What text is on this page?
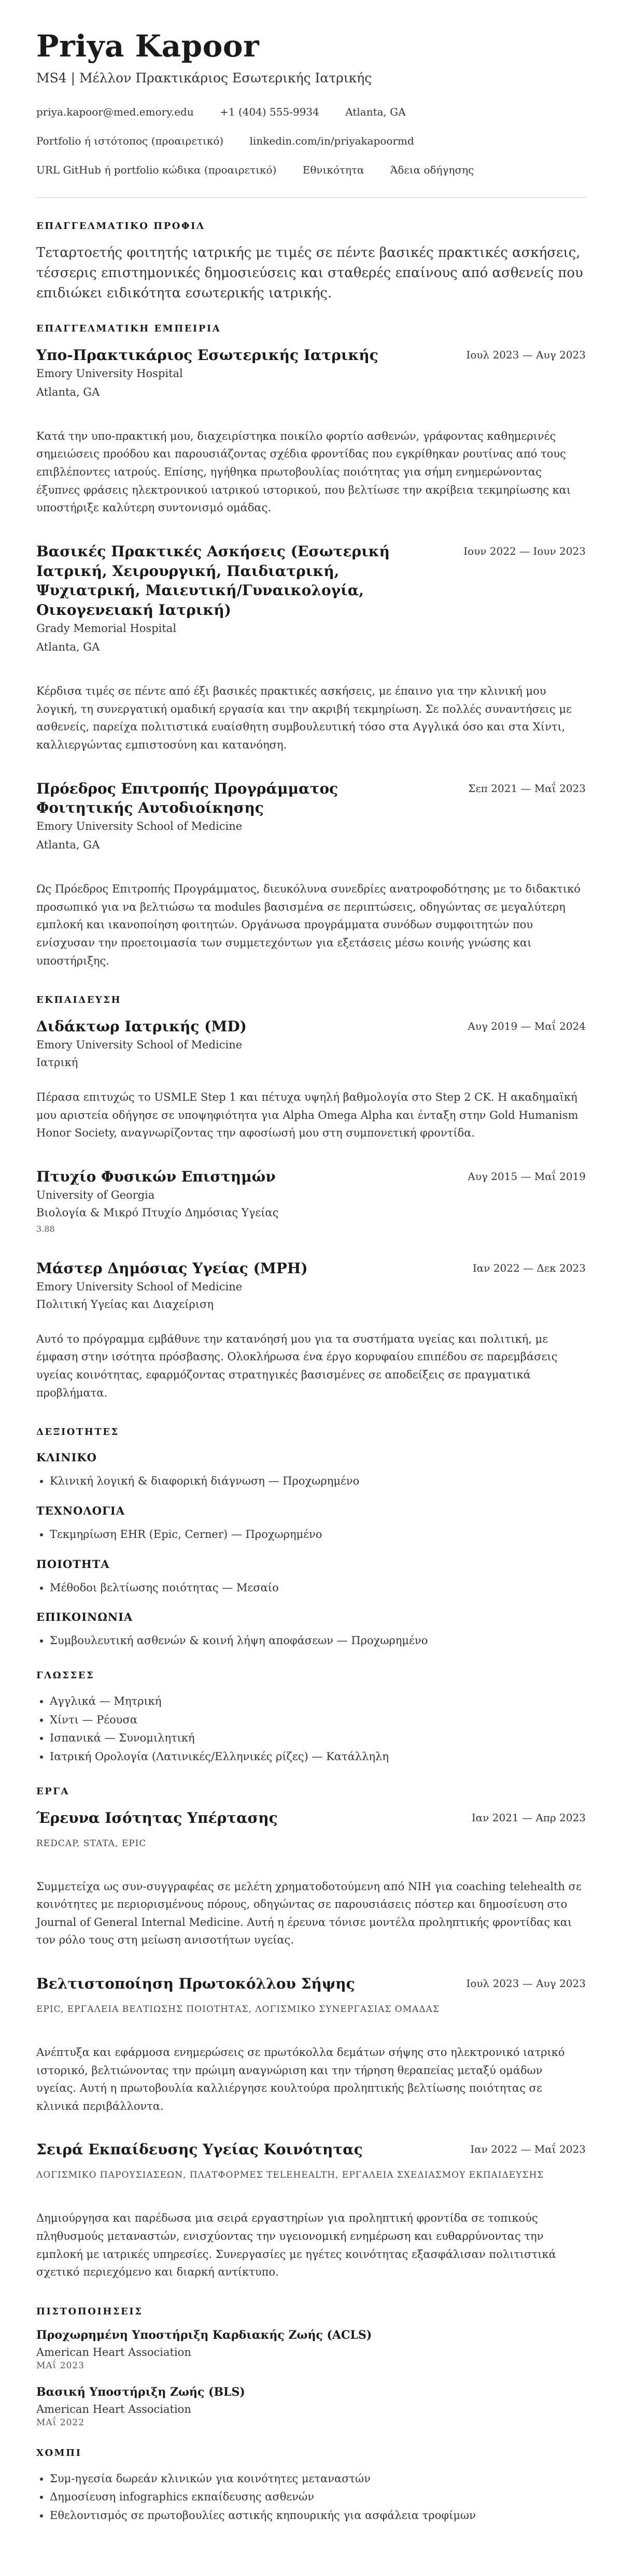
Priya Kapoor
MS4 | Μέλλον Πρακτικάριος Εσωτερικής Ιατρικής
priya.kapoor@med.emory.edu	+1 (404) 555-9934	Atlanta, GA
Portfolio ή ιστότοπος (προαιρετικό)	linkedin.com/in/priyakapoormd
URL GitHub ή portfolio κώδικα (προαιρετικό)	Εθνικότητα	Άδεια οδήγησης
ΕΠΑΓΓΕΛΜΑΤΙΚΟ ΠΡΟΦΙΛ

Τεταρτοετής φοιτητής ιατρικής με τιμές σε πέντε βασικές πρακτικές ασκήσεις, τέσσερις επιστημονικές δημοσιεύσεις και σταθερές επαίνους από ασθενείς που επιδιώκει ειδικότητα εσωτερικής ιατρικής.

ΕΠΑΓΓΕΛΜΑΤΙΚΗ ΕΜΠΕΙΡΙΑ
Υπο-Πρακτικάριος Εσωτερικής Ιατρικής	Ιουλ 2023 — Αυγ 2023
Emory University Hospital
Atlanta, GA

Κατά την υπο-πρακτική μου, διαχειρίστηκα ποικίλο φορτίο ασθενών, γράφοντας καθημερινές σημειώσεις προόδου και παρουσιάζοντας σχέδια φροντίδας που εγκρίθηκαν ρουτίνας από τους επιβλέποντες ιατρούς. Επίσης, ηγήθηκα πρωτοβουλίας ποιότητας για σήμη ενημερώνοντας έξυπνες φράσεις ηλεκτρονικού ιατρικού ιστορικού, που βελτίωσε την ακρίβεια τεκμηρίωσης και υποστήριξε καλύτερη συντονισμό ομάδας.

Βασικές Πρακτικές Ασκήσεις (Εσωτερική Ιατρική, Χειρουργική, Παιδιατρική, Ψυχιατρική, Μαιευτική/Γυναικολογία, Οικογενειακή Ιατρική)
Ιουν 2022 — Ιουν 2023
Grady Memorial Hospital
Atlanta, GA

Κέρδισα τιμές σε πέντε από έξι βασικές πρακτικές ασκήσεις, με έπαινο για την κλινική μου λογική, τη συνεργατική ομαδική εργασία και την ακριβή τεκμηρίωση. Σε πολλές συναντήσεις με ασθενείς, παρείχα πολιτιστικά ευαίσθητη συμβουλευτική τόσο στα Αγγλικά όσο και στα Χίντι, καλλιεργώντας εμπιστοσύνη και κατανόηση.

Πρόεδρος Επιτροπής Προγράμματος Φοιτητικής Αυτοδιοίκησης
Σεπ 2021 — Μαΐ 2023
Emory University School of Medicine
Atlanta, GA

Ως Πρόεδρος Επιτροπής Προγράμματος, διευκόλυνα συνεδρίες ανατροφοδότησης με το διδακτικό προσωπικό για να βελτιώσω τα modules βασισμένα σε περιπτώσεις, οδηγώντας σε μεγαλύτερη εμπλοκή και ικανοποίηση φοιτητών. Οργάνωσα προγράμματα συνόδων συμφοιτητών που ενίσχυσαν την προετοιμασία των συμμετεχόντων για εξετάσεις μέσω κοινής γνώσης και υποστήριξης.

ΕΚΠΑΙΔΕΥΣΗ
Διδάκτωρ Ιατρικής (MD)	Αυγ 2019 — Μαΐ 2024
Emory University School of Medicine
Ιατρική

Πέρασα επιτυχώς το USMLE Step 1 και πέτυχα υψηλή βαθμολογία στο Step 2 CK. Η ακαδημαϊκή μου αριστεία οδήγησε σε υποψηφιότητα για Alpha Omega Alpha και ένταξη στην Gold Humanism Honor Society, αναγνωρίζοντας την αφοσίωσή μου στη συμπονετική φροντίδα.

Πτυχίο Φυσικών Επιστημών	Αυγ 2015 — Μαΐ 2019
University of Georgia
Βιολογία & Μικρό Πτυχίο Δημόσιας Υγείας
3.88
Μάστερ Δημόσιας Υγείας (MPH)	Ιαν 2022 — Δεκ 2023
Emory University School of Medicine
Πολιτική Υγείας και Διαχείριση

Αυτό το πρόγραμμα εμβάθυνε την κατανόησή μου για τα συστήματα υγείας και πολιτική, με έμφαση στην ισότητα πρόσβασης. Ολοκλήρωσα ένα έργο κορυφαίου επιπέδου σε παρεμβάσεις υγείας κοινότητας, εφαρμόζοντας στρατηγικές βασισμένες σε αποδείξεις σε πραγματικά προβλήματα.

ΔΕΞΙΟΤΗΤΕΣ
ΚΛΙΝΙΚΟ
• Κλινική λογική & διαφορική διάγνωση — Προχωρημένο
ΤΕΧΝΟΛΟΓΙΑ
• Τεκμηρίωση EHR (Epic, Cerner) — Προχωρημένο
ΠΟΙΟΤΗΤΑ
• Μέθοδοι βελτίωσης ποιότητας — Μεσαίο
ΕΠΙΚΟΙΝΩΝΙΑ
• Συμβουλευτική ασθενών & κοινή λήψη αποφάσεων — Προχωρημένο
ΓΛΩΣΣΕΣ
• Αγγλικά — Μητρική
• Χίντι — Ρέουσα
• Ισπανικά — Συνομιλητική
• Ιατρική Ορολογία (Λατινικές/Ελληνικές ρίζες) — Κατάλληλη
ΕΡΓΑ
Έρευνα Ισότητας Υπέρτασης	Ιαν 2021 — Απρ 2023
REDCAP, STATA, EPIC

Συμμετείχα ως συν-συγγραφέας σε μελέτη χρηματοδοτούμενη από NIH για coaching telehealth σε κοινότητες με περιορισμένους πόρους, οδηγώντας σε παρουσιάσεις πόστερ και δημοσίευση στο Journal of General Internal Medicine. Αυτή η έρευνα τόνισε μοντέλα προληπτικής φροντίδας και τον ρόλο τους στη μείωση ανισοτήτων υγείας.

Βελτιστοποίηση Πρωτοκόλλου Σήψης	Ιουλ 2023 — Αυγ 2023
EPIC, ΕΡΓΑΛΕΙΑ ΒΕΛΤΙΩΣΗΣ ΠΟΙΟΤΗΤΑΣ, ΛΟΓΙΣΜΙΚΟ ΣΥΝΕΡΓΑΣΙΑΣ ΟΜΑΔΑΣ

Ανέπτυξα και εφάρμοσα ενημερώσεις σε πρωτόκολλα δεμάτων σήψης στο ηλεκτρονικό ιατρικό ιστορικό, βελτιώνοντας την πρώιμη αναγνώριση και την τήρηση θεραπείας μεταξύ ομάδων υγείας. Αυτή η πρωτοβουλία καλλιέργησε κουλτούρα προληπτικής βελτίωσης ποιότητας σε κλινικά περιβάλλοντα.

Σειρά Εκπαίδευσης Υγείας Κοινότητας	Ιαν 2022 — Μαΐ 2023
ΛΟΓΙΣΜΙΚΟ ΠΑΡΟΥΣΙΑΣΕΩΝ, ΠΛΑΤΦΟΡΜΕΣ TELEHEALTH, ΕΡΓΑΛΕΙΑ ΣΧΕΔΙΑΣΜΟΥ ΕΚΠΑΙΔΕΥΣΗΣ

Δημιούργησα και παρέδωσα μια σειρά εργαστηρίων για προληπτική φροντίδα σε τοπικούς πληθυσμούς μεταναστών, ενισχύοντας την υγειονομική ενημέρωση και ευθαρρύνοντας την εμπλοκή με ιατρικές υπηρεσίες. Συνεργασίες με ηγέτες κοινότητας εξασφάλισαν πολιτιστικά σχετικό περιεχόμενο και διαρκή αντίκτυπο.

ΠΙΣΤΟΠΟΙΗΣΕΙΣ
Προχωρημένη Υποστήριξη Καρδιακής Ζωής (ACLS)
American Heart Association
ΜΑΐ 2023
Βασική Υποστήριξη Ζωής (BLS)
American Heart Association
ΜΑΐ 2022
ΧΟΜΠΙ
• Συμ-ηγεσία δωρεάν κλινικών για κοινότητες μεταναστών
• Δημοσίευση infographics εκπαίδευσης ασθενών
• Εθελοντισμός σε πρωτοβουλίες αστικής κηπουρικής για ασφάλεια τροφίμων
